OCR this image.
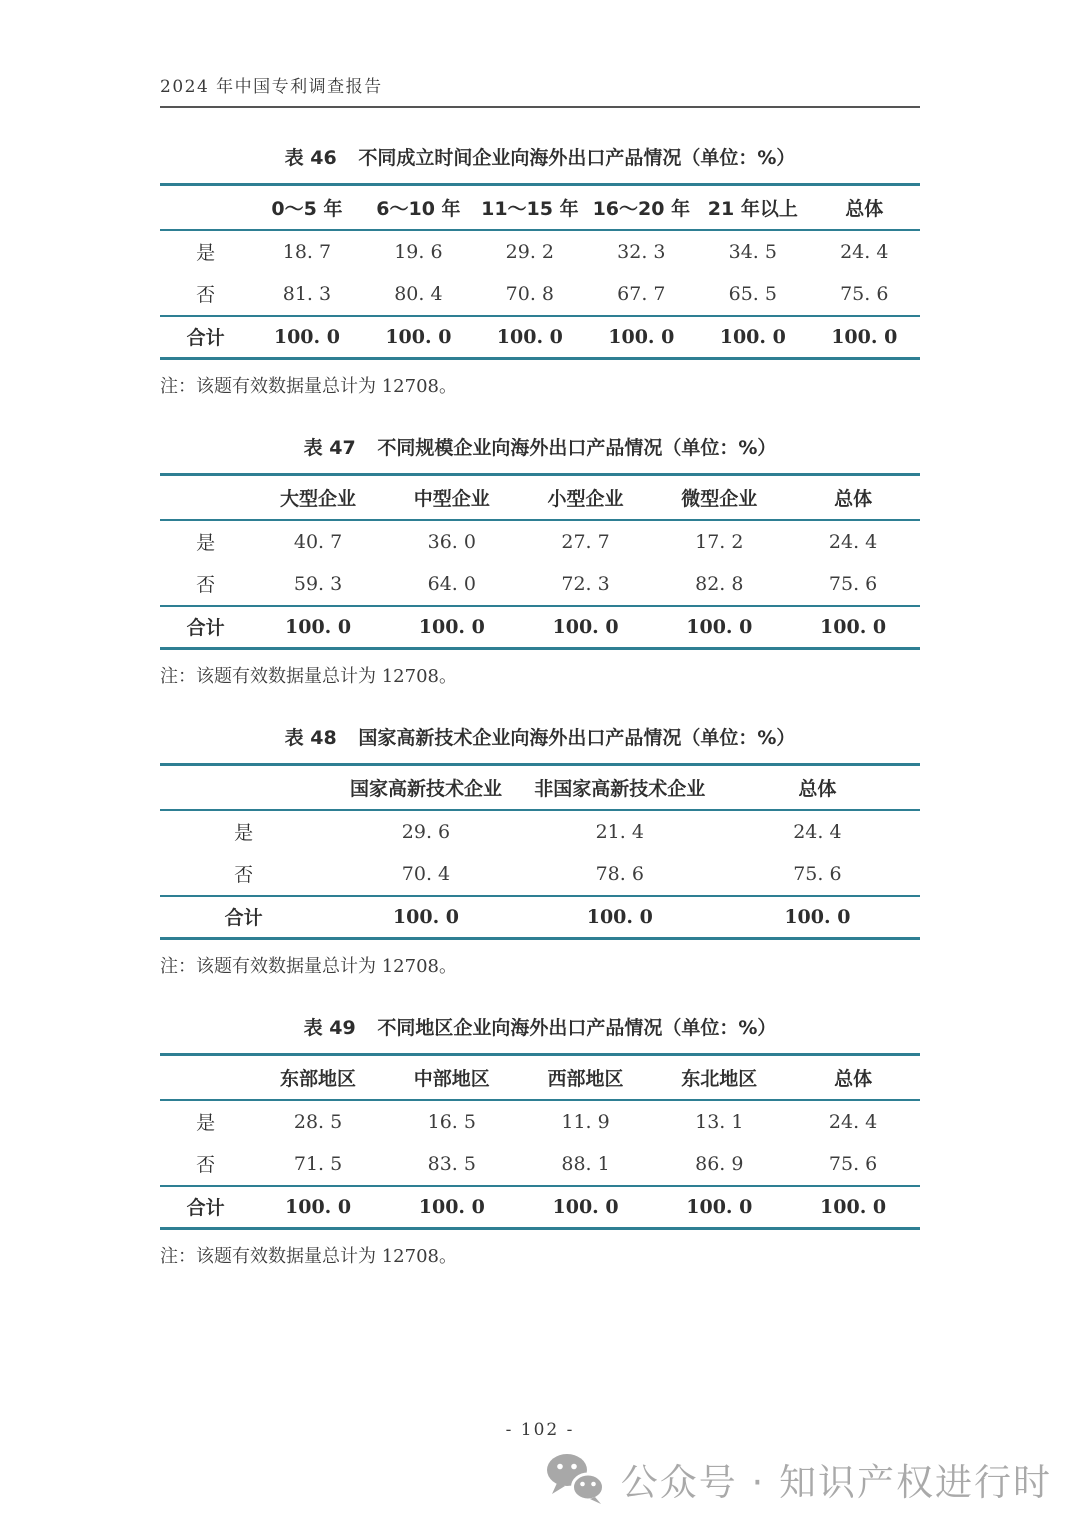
2024 年中国专利调查报告
表 46 不同成立时间企业向海外出口产品情况（单位：%）
	0～5 年	6～10 年	11～15 年	16～20 年	21 年以上	总体
是	18. 7	19. 6	29. 2	32. 3	34. 5	24. 4
否	81. 3	80. 4	70. 8	67. 7	65. 5	75. 6
合计	100. 0	100. 0	100. 0	100. 0	100. 0	100. 0

注：该题有效数据量总计为 12708。

表 47 不同规模企业向海外出口产品情况（单位：%）
	大型企业	中型企业	小型企业	微型企业	总体
是	40. 7	36. 0	27. 7	17. 2	24. 4
否	59. 3	64. 0	72. 3	82. 8	75. 6
合计	100. 0	100. 0	100. 0	100. 0	100. 0

注：该题有效数据量总计为 12708。

表 48 国家高新技术企业向海外出口产品情况（单位：%）
	国家高新技术企业	非国家高新技术企业	总体
是	29. 6	21. 4	24. 4
否	70. 4	78. 6	75. 6
合计	100. 0	100. 0	100. 0

注：该题有效数据量总计为 12708。

表 49 不同地区企业向海外出口产品情况（单位：%）
	东部地区	中部地区	西部地区	东北地区	总体
是	28. 5	16. 5	11. 9	13. 1	24. 4
否	71. 5	83. 5	88. 1	86. 9	75. 6
合计	100. 0	100. 0	100. 0	100. 0	100. 0

注：该题有效数据量总计为 12708。

- 102 -
公众号 · 知识产权进行时
